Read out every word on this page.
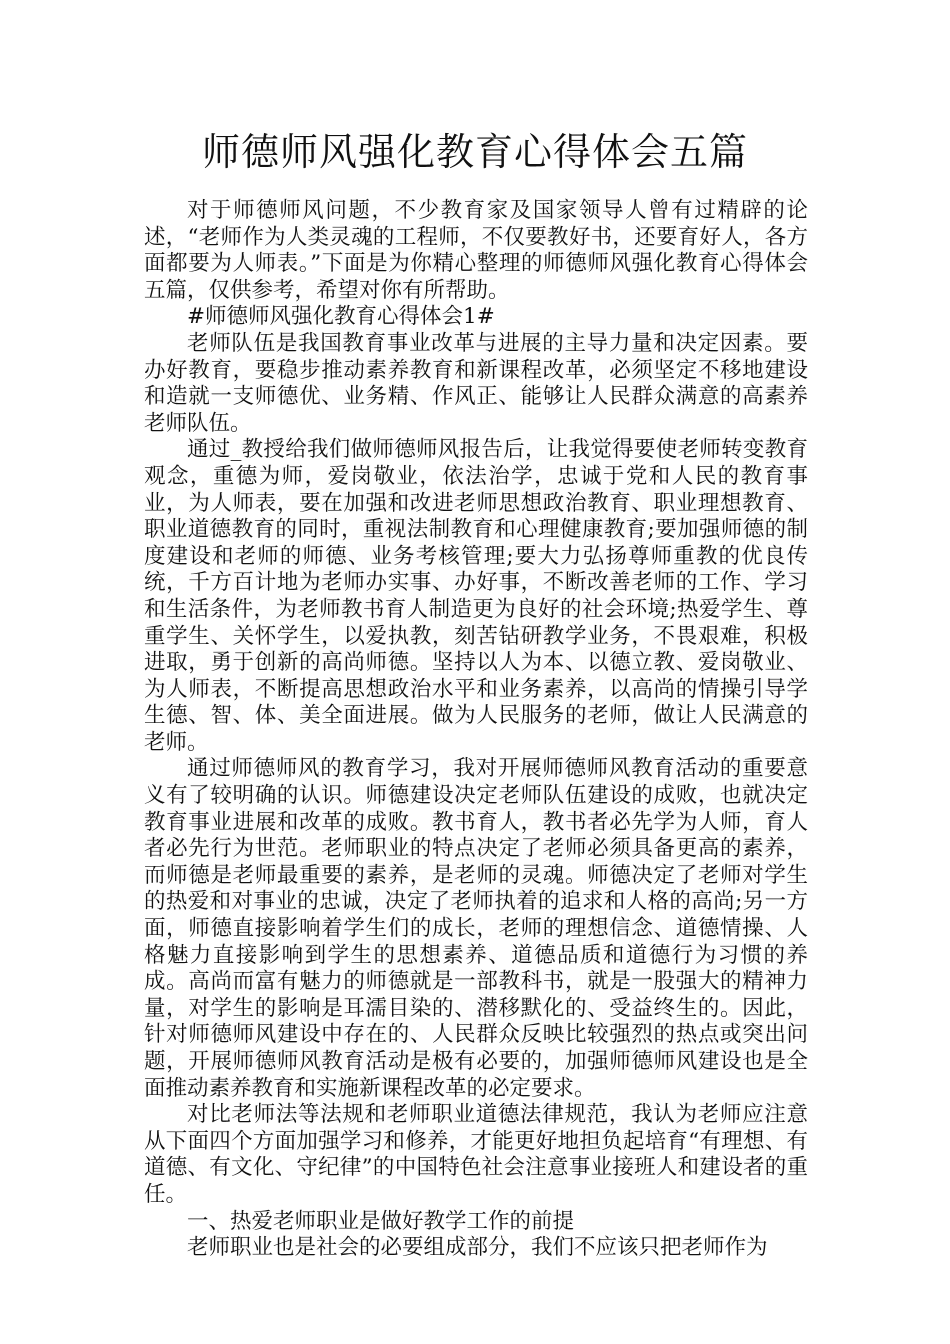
师德师风强化教育心得体会五篇

对于师德师风问题，不少教育家及国家领导人曾有过精辟的论述，“老师作为人类灵魂的工程师，不仅要教好书，还要育好人，各方面都要为人师表。”下面是为你精心整理的师德师风强化教育心得体会五篇，仅供参考，希望对你有所帮助。

#师德师风强化教育心得体会1#

老师队伍是我国教育事业改革与进展的主导力量和决定因素。要办好教育，要稳步推动素养教育和新课程改革，必须坚定不移地建设和造就一支师德优、业务精、作风正、能够让人民群众满意的高素养老师队伍。

通过_教授给我们做师德师风报告后，让我觉得要使老师转变教育观念，重德为师，爱岗敬业，依法治学，忠诚于党和人民的教育事业，为人师表，要在加强和改进老师思想政治教育、职业理想教育、职业道德教育的同时，重视法制教育和心理健康教育;要加强师德的制度建设和老师的师德、业务考核管理;要大力弘扬尊师重教的优良传统，千方百计地为老师办实事、办好事，不断改善老师的工作、学习和生活条件，为老师教书育人制造更为良好的社会环境;热爱学生、尊重学生、关怀学生，以爱执教，刻苦钻研教学业务，不畏艰难，积极进取，勇于创新的高尚师德。坚持以人为本、以德立教、爱岗敬业、为人师表，不断提高思想政治水平和业务素养，以高尚的情操引导学生德、智、体、美全面进展。做为人民服务的老师，做让人民满意的老师。

通过师德师风的教育学习，我对开展师德师风教育活动的重要意义有了较明确的认识。师德建设决定老师队伍建设的成败，也就决定教育事业进展和改革的成败。教书育人，教书者必先学为人师，育人者必先行为世范。老师职业的特点决定了老师必须具备更高的素养，而师德是老师最重要的素养，是老师的灵魂。师德决定了老师对学生的热爱和对事业的忠诚，决定了老师执着的追求和人格的高尚;另一方面，师德直接影响着学生们的成长，老师的理想信念、道德情操、人格魅力直接影响到学生的思想素养、道德品质和道德行为习惯的养成。高尚而富有魅力的师德就是一部教科书，就是一股强大的精神力量，对学生的影响是耳濡目染的、潜移默化的、受益终生的。因此，针对师德师风建设中存在的、人民群众反映比较强烈的热点或突出问题，开展师德师风教育活动是极有必要的，加强师德师风建设也是全面推动素养教育和实施新课程改革的必定要求。

对比老师法等法规和老师职业道德法律规范，我认为老师应注意从下面四个方面加强学习和修养，才能更好地担负起培育“有理想、有道德、有文化、守纪律”的中国特色社会注意事业接班人和建设者的重任。

一、热爱老师职业是做好教学工作的前提

老师职业也是社会的必要组成部分，我们不应该只把老师作为
